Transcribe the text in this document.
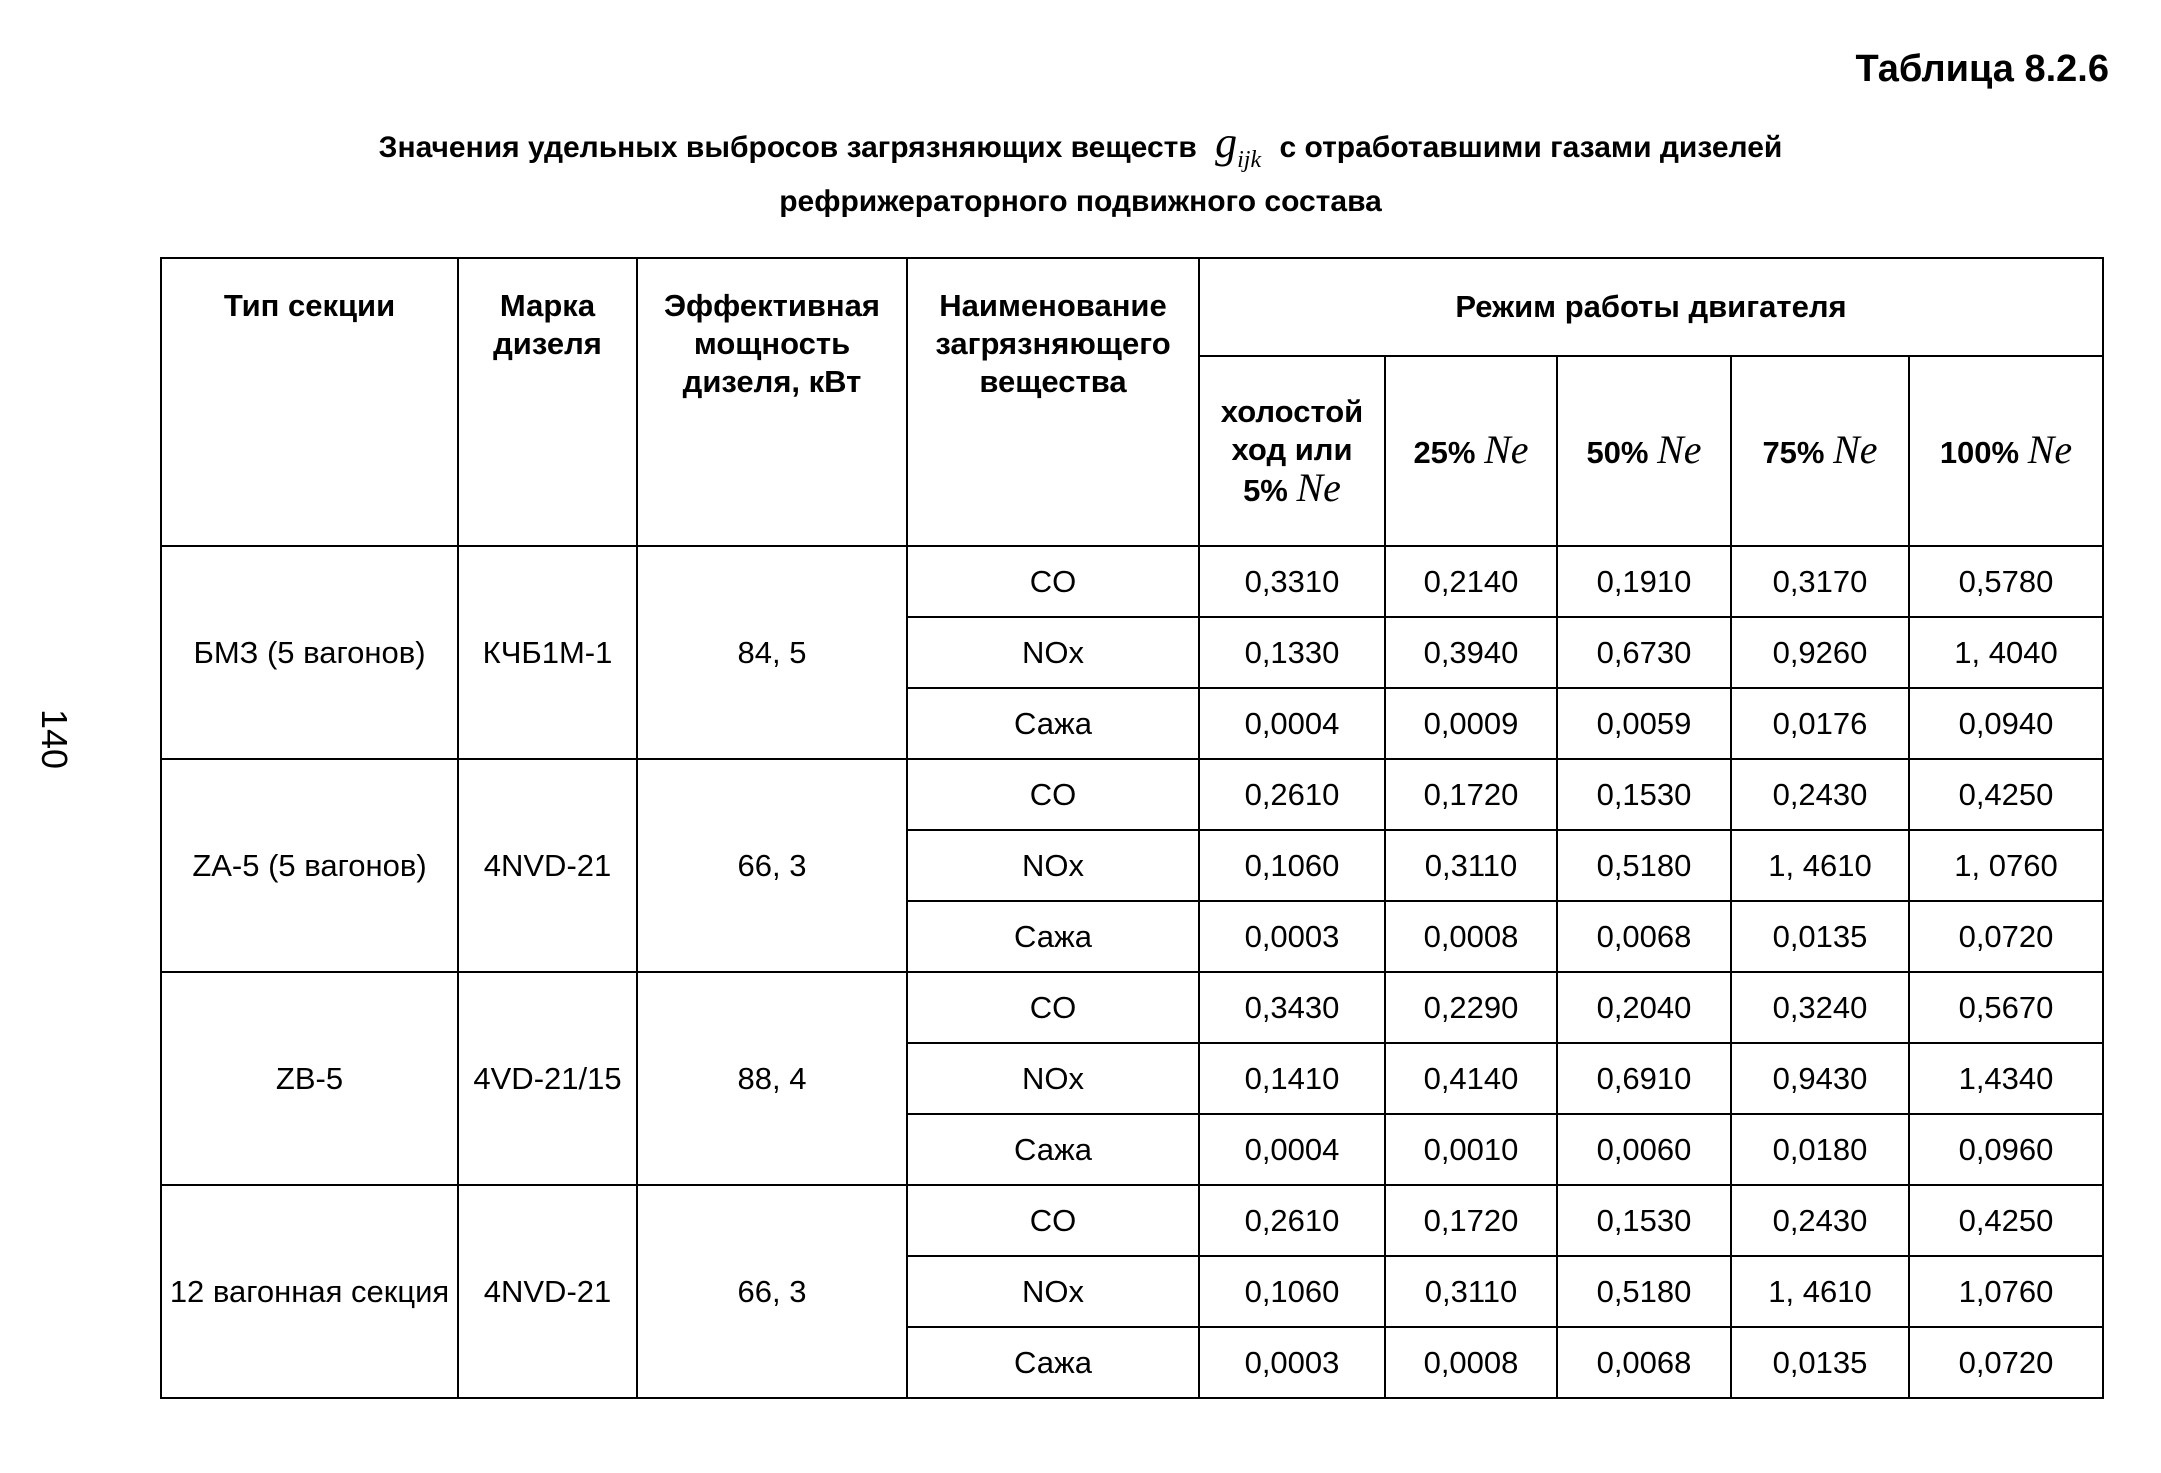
Таблица 8.2.6
Значения удельных выбросов загрязняющих веществ $g_{ijk}$ с отработавшими газами дизелей
рефрижераторного подвижного состава
140
Тип секции	Марка дизеля	Эффективная мощность дизеля, кВт	Наименование загрязняющего вещества	Режим работы двигателя				
				холостой ход или 5% Ne	25% Ne	50% Ne	75% Ne	100% Ne
БМЗ (5 вагонов)	КЧБ1М-1	84, 5	CO	0,3310	0,2140	0,1910	0,3170	0,5780
			NOx	0,1330	0,3940	0,6730	0,9260	1, 4040
			Сажа	0,0004	0,0009	0,0059	0,0176	0,0940
ZA-5 (5 вагонов)	4NVD-21	66, 3	CO	0,2610	0,1720	0,1530	0,2430	0,4250
			NOx	0,1060	0,3110	0,5180	1, 4610	1, 0760
			Сажа	0,0003	0,0008	0,0068	0,0135	0,0720
ZB-5	4VD-21/15	88, 4	CO	0,3430	0,2290	0,2040	0,3240	0,5670
			NOx	0,1410	0,4140	0,6910	0,9430	1,4340
			Сажа	0,0004	0,0010	0,0060	0,0180	0,0960
12 вагонная секция	4NVD-21	66, 3	CO	0,2610	0,1720	0,1530	0,2430	0,4250
			NOx	0,1060	0,3110	0,5180	1, 4610	1,0760
			Сажа	0,0003	0,0008	0,0068	0,0135	0,0720
